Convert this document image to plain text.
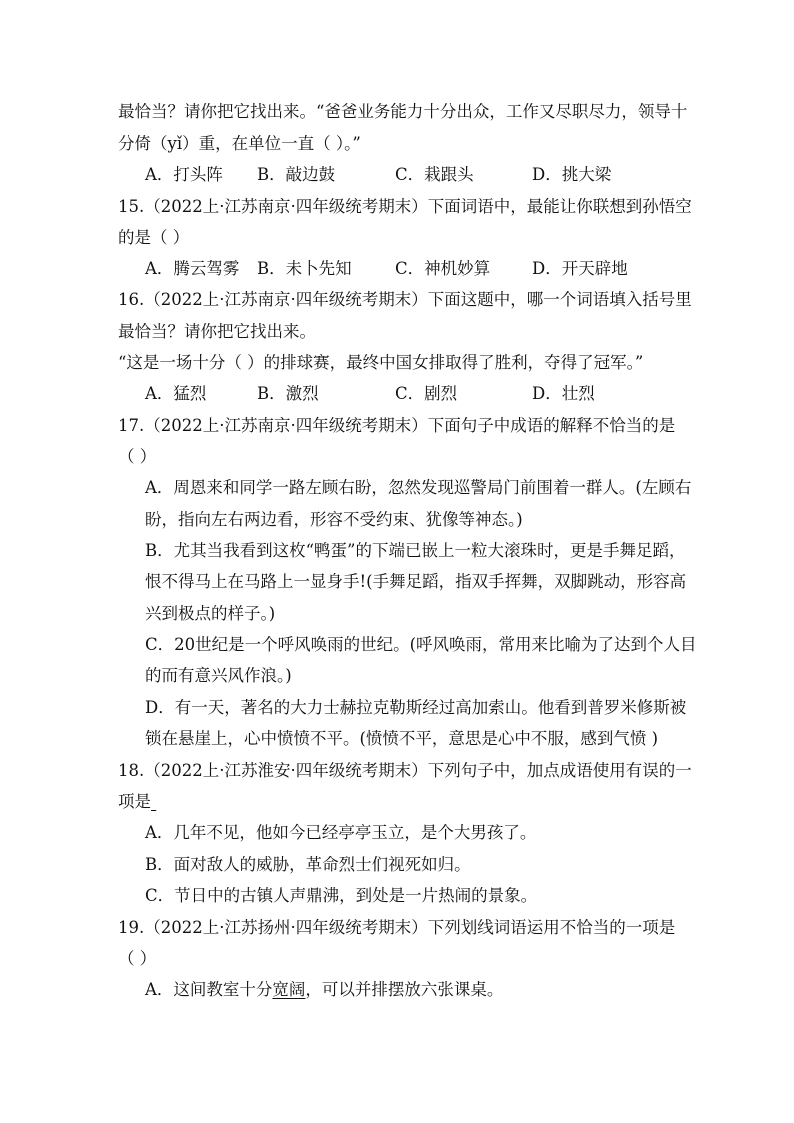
最恰当？请你把它找出来。“爸爸业务能力十分出众，工作又尽职尽力，领导十
分倚（yǐ）重，在单位一直（ ）。”
A．打头阵 B．敲边鼓	C．栽跟头	D．挑大梁
15.（2022上·江苏南京·四年级统考期末）下面词语中，最能让你联想到孙悟空
的是（ ）
A．腾云驾雾 B．未卜先知	C．神机妙算	D．开天辟地
16.（2022上·江苏南京·四年级统考期末）下面这题中，哪一个词语填入括号里
最恰当？请你把它找出来。
“这是一场十分（ ）的排球赛，最终中国女排取得了胜利，夺得了冠军。”
A．猛烈	B．激烈	C．剧烈	D．壮烈
17.（2022上·江苏南京·四年级统考期末）下面句子中成语的解释不恰当的是
（ ）
A．周恩来和同学一路左顾右盼，忽然发现巡警局门前围着一群人。(左顾右
盼，指向左右两边看，形容不受约束、犹像等神态。)
B．尤其当我看到这枚“鸭蛋”的下端已嵌上一粒大滚珠时，更是手舞足蹈，
恨不得马上在马路上一显身手!(手舞足蹈，指双手挥舞，双脚跳动，形容高
兴到极点的样子。)
C．20世纪是一个呼风唤雨的世纪。(呼风唤雨，常用来比喻为了达到个人目
的而有意兴风作浪。)
D．有一天，著名的大力士赫拉克勒斯经过高加索山。他看到普罗米修斯被
锁在悬崖上，心中愤愤不平。(愤愤不平，意思是心中不服，感到气愤 )
18.（2022上·江苏淮安·四年级统考期末）下列句子中，加点成语使用有误的一
项是
A．几年不见，他如今已经亭亭玉立，是个大男孩了。
B．面对敌人的威胁，革命烈士们视死如归。
C．节日中的古镇人声鼎沸，到处是一片热闹的景象。
19.（2022上·江苏扬州·四年级统考期末）下列划线词语运用不恰当的一项是
（ ）
A．这间教室十分宽阔，可以并排摆放六张课桌。
